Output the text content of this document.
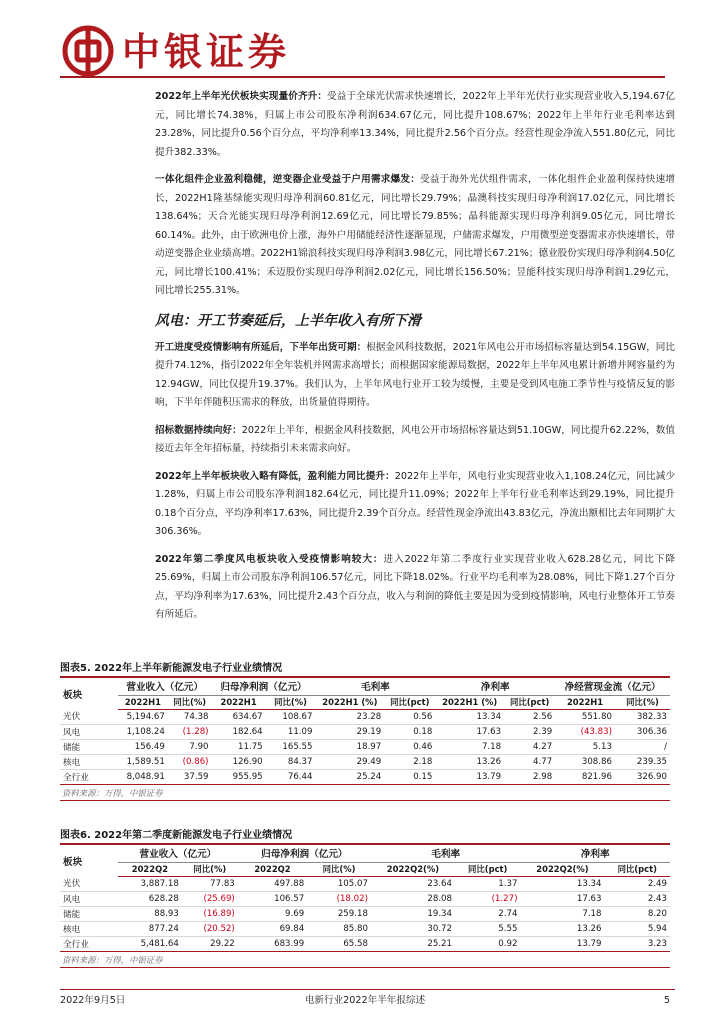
中银证券

2022年上半年光伏板块实现量价齐升：受益于全球光伏需求快速增长，2022年上半年光伏行业实现营业收入5,194.67亿元，同比增长74.38%，归属上市公司股东净利润634.67亿元，同比提升108.67%；2022年上半年行业毛利率达到23.28%，同比提升0.56个百分点，平均净利率13.34%，同比提升2.56个百分点。经营性现金净流入551.80亿元，同比提升382.33%。

一体化组件企业盈利稳健，逆变器企业受益于户用需求爆发：受益于海外光伏组件需求，一体化组件企业盈利保持快速增长，2022H1隆基绿能实现归母净利润60.81亿元，同比增长29.79%；晶澳科技实现归母净利润17.02亿元，同比增长138.64%；天合光能实现归母净利润12.69亿元，同比增长79.85%；晶科能源实现归母净利润9.05亿元，同比增长60.14%。此外，由于欧洲电价上涨，海外户用储能经济性逐渐显现，户储需求爆发，户用微型逆变器需求亦快速增长，带动逆变器企业业绩高增。2022H1锦浪科技实现归母净利润3.98亿元，同比增长67.21%；德业股份实现归母净利润4.50亿元，同比增长100.41%；禾迈股份实现归母净利润2.02亿元，同比增长156.50%；昱能科技实现归母净利润1.29亿元，同比增长255.31%。

风电：开工节奏延后，上半年收入有所下滑

开工进度受疫情影响有所延后，下半年出货可期：根据金风科技数据，2021年风电公开市场招标容量达到54.15GW，同比提升74.12%，指引2022年全年装机并网需求高增长；而根据国家能源局数据，2022年上半年风电累计新增并网容量约为12.94GW，同比仅提升19.37%。我们认为，上半年风电行业开工较为缓慢，主要是受到风电施工季节性与疫情反复的影响，下半年伴随积压需求的释放，出货量值得期待。

招标数据持续向好：2022年上半年，根据金风科技数据，风电公开市场招标容量达到51.10GW，同比提升62.22%，数值接近去年全年招标量，持续指引未来需求向好。

2022年上半年板块收入略有降低，盈利能力同比提升：2022年上半年，风电行业实现营业收入1,108.24亿元，同比减少1.28%，归属上市公司股东净利润182.64亿元，同比提升11.09%；2022年上半年行业毛利率达到29.19%，同比提升0.18个百分点，平均净利率17.63%，同比提升2.39个百分点。经营性现金净流出43.83亿元，净流出额相比去年同期扩大306.36%。

2022年第二季度风电板块收入受疫情影响较大：进入2022年第二季度行业实现营业收入628.28亿元，同比下降25.69%，归属上市公司股东净利润106.57亿元，同比下降18.02%。行业平均毛利率为28.08%，同比下降1.27个百分点，平均净利率为17.63%，同比提升2.43个百分点，收入与利润的降低主要是因为受到疫情影响，风电行业整体开工节奏有所延后。

图表5. 2022年上半年新能源发电子行业业绩情况
板块	营业收入（亿元）		归母净利润（亿元）		毛利率		净利率		净经营现金流（亿元）	
	2022H1	同比(%)	2022H1	同比(%)	2022H1 (%)	同比(pct)	2022H1 (%)	同比(pct)	2022H1	同比(%)
光伏	5,194.67	74.38	634.67	108.67	23.28	0.56	13.34	2.56	551.80	382.33
风电	1,108.24	(1.28)	182.64	11.09	29.19	0.18	17.63	2.39	(43.83)	306.36
储能	156.49	7.90	11.75	165.55	18.97	0.46	7.18	4.27	5.13	/
核电	1,589.51	(0.86)	126.90	84.37	29.49	2.18	13.26	4.77	308.86	239.35
全行业	8,048.91	37.59	955.95	76.44	25.24	0.15	13.79	2.98	821.96	326.90
资料来源：万得，中银证券
图表6. 2022年第二季度新能源发电子行业业绩情况
板块	营业收入（亿元）		归母净利润（亿元）		毛利率		净利率	
	2022Q2	同比(%)	2022Q2	同比(%)	2022Q2(%)	同比(pct)	2022Q2(%)	同比(pct)
光伏	3,887.18	77.83	497.88	105.07	23.64	1.37	13.34	2.49
风电	628.28	(25.69)	106.57	(18.02)	28.08	(1.27)	17.63	2.43
储能	88.93	(16.89)	9.69	259.18	19.34	2.74	7.18	8.20
核电	877.24	(20.52)	69.84	85.80	30.72	5.55	13.26	5.94
全行业	5,481.64	29.22	683.99	65.58	25.21	0.92	13.79	3.23
资料来源：万得，中银证券
2022年9月5日	电新行业2022年半年报综述	5
